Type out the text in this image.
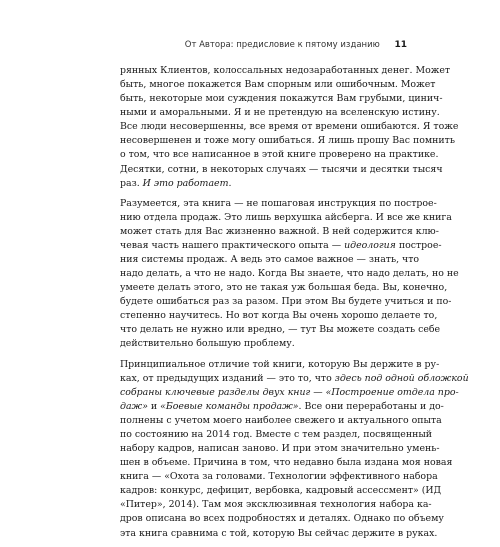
От Автора: предисловие к пятому изданию 11
рянных Клиентов, колоссальных недозаработанных денег. Может
быть, многое покажется Вам спорным или ошибочным. Может
быть, некоторые мои суждения покажутся Вам грубыми, цинич-
ными и аморальными. Я и не претендую на вселенскую истину.
Все люди несовершенны, все время от времени ошибаются. Я тоже
несовершенен и тоже могу ошибаться. Я лишь прошу Вас помнить
о том, что все написанное в этой книге проверено на практике.
Десятки, сотни, в некоторых случаях — тысячи и десятки тысяч
раз. И это работает.
Разумеется, эта книга — не пошаговая инструкция по построе-
нию отдела продаж. Это лишь верхушка айсберга. И все же книга
может стать для Вас жизненно важной. В ней содержится клю-
чевая часть нашего практического опыта — идеология построе-
ния системы продаж. А ведь это самое важное — знать, что
надо делать, а что не надо. Когда Вы знаете, что надо делать, но не
умеете делать этого, это не такая уж большая беда. Вы, конечно,
будете ошибаться раз за разом. При этом Вы будете учиться и по-
степенно научитесь. Но вот когда Вы очень хорошо делаете то,
что делать не нужно или вредно, — тут Вы можете создать себе
действительно большую проблему.
Принципиальное отличие той книги, которую Вы держите в ру-
ках, от предыдущих изданий — это то, что здесь под одной обложкой
собраны ключевые разделы двух книг — «Построение отдела про-
даж» и «Боевые команды продаж». Все они переработаны и до-
полнены с учетом моего наиболее свежего и актуального опыта
по состоянию на 2014 год. Вместе с тем раздел, посвященный
набору кадров, написан заново. И при этом значительно умень-
шен в объеме. Причина в том, что недавно была издана моя новая
книга — «Охота за головами. Технологии эффективного набора
кадров: конкурс, дефицит, вербовка, кадровый ассессмент» (ИД
«Питер», 2014). Там моя эксклюзивная технология набора ка-
дров описана во всех подробностях и деталях. Однако по объему
эта книга сравнима с той, которую Вы сейчас держите в руках.
